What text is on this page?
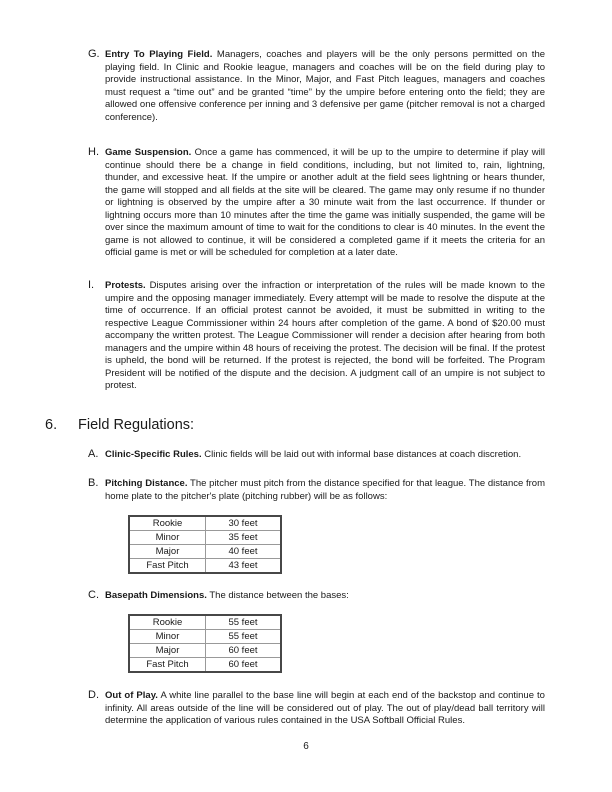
G. Entry To Playing Field. Managers, coaches and players will be the only persons permitted on the playing field. In Clinic and Rookie league, managers and coaches will be on the field during play to provide instructional assistance. In the Minor, Major, and Fast Pitch leagues, managers and coaches must request a “time out” and be granted “time” by the umpire before entering onto the field; they are allowed one offensive conference per inning and 3 defensive per game (pitcher removal is not a charged conference).

H. Game Suspension. Once a game has commenced, it will be up to the umpire to determine if play will continue should there be a change in field conditions, including, but not limited to, rain, lightning, thunder, and excessive heat. If the umpire or another adult at the field sees lightning or hears thunder, the game will stopped and all fields at the site will be cleared. The game may only resume if no thunder or lightning is observed by the umpire after a 30 minute wait from the last occurrence. If thunder or lightning occurs more than 10 minutes after the time the game was initially suspended, the game will be over since the maximum amount of time to wait for the conditions to clear is 40 minutes. In the event the game is not allowed to continue, it will be considered a completed game if it meets the criteria for an official game is met or will be scheduled for completion at a later date.

I. Protests. Disputes arising over the infraction or interpretation of the rules will be made known to the umpire and the opposing manager immediately. Every attempt will be made to resolve the dispute at the time of occurrence. If an official protest cannot be avoided, it must be submitted in writing to the respective League Commissioner within 24 hours after completion of the game. A bond of $20.00 must accompany the written protest. The League Commissioner will render a decision after hearing from both managers and the umpire within 48 hours of receiving the protest. The decision will be final. If the protest is upheld, the bond will be returned. If the protest is rejected, the bond will be forfeited. The Program President will be notified of the dispute and the decision. A judgment call of an umpire is not subject to protest.

6. Field Regulations:
A. Clinic-Specific Rules. Clinic fields will be laid out with informal base distances at coach discretion.

B. Pitching Distance. The pitcher must pitch from the distance specified for that league. The distance from home plate to the pitcher's plate (pitching rubber) will be as follows:

Rookie	30 feet
Minor	35 feet
Major	40 feet
Fast Pitch	43 feet
C. Basepath Dimensions. The distance between the bases:

Rookie	55 feet
Minor	55 feet
Major	60 feet
Fast Pitch	60 feet
D. Out of Play. A white line parallel to the base line will begin at each end of the backstop and continue to infinity. All areas outside of the line will be considered out of play. The out of play/dead ball territory will determine the application of various rules contained in the USA Softball Official Rules.

6
